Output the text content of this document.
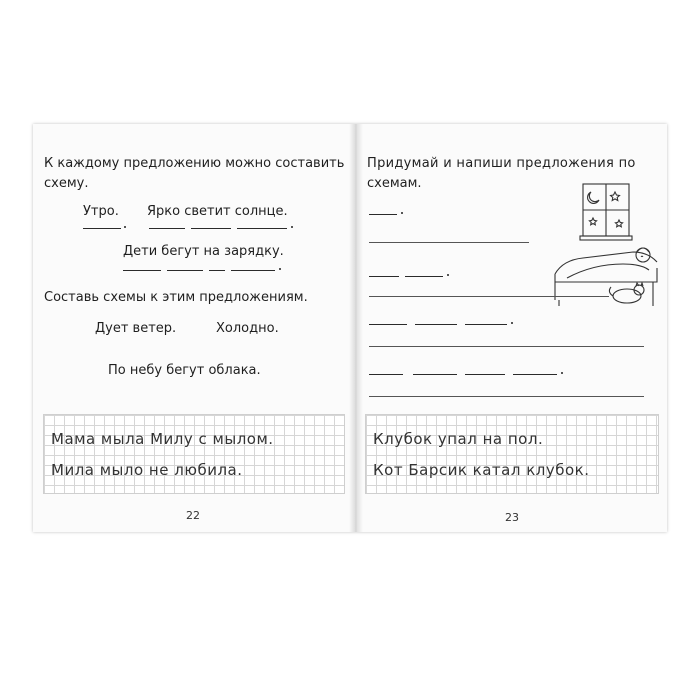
К каждому предложению можно составить
схему.
Утро. Ярко светит солнце.
Дети бегут на зарядку.
Составь схемы к этим предложениям.
Дует ветер.	Холодно.
По небу бегут облака.
Мама мыла Милу с мылом.
Мила мыло не любила.
22
Придумай и напиши предложения по
схемам.
Клубок упал на пол.
Кот Барсик катал клубок.
23
